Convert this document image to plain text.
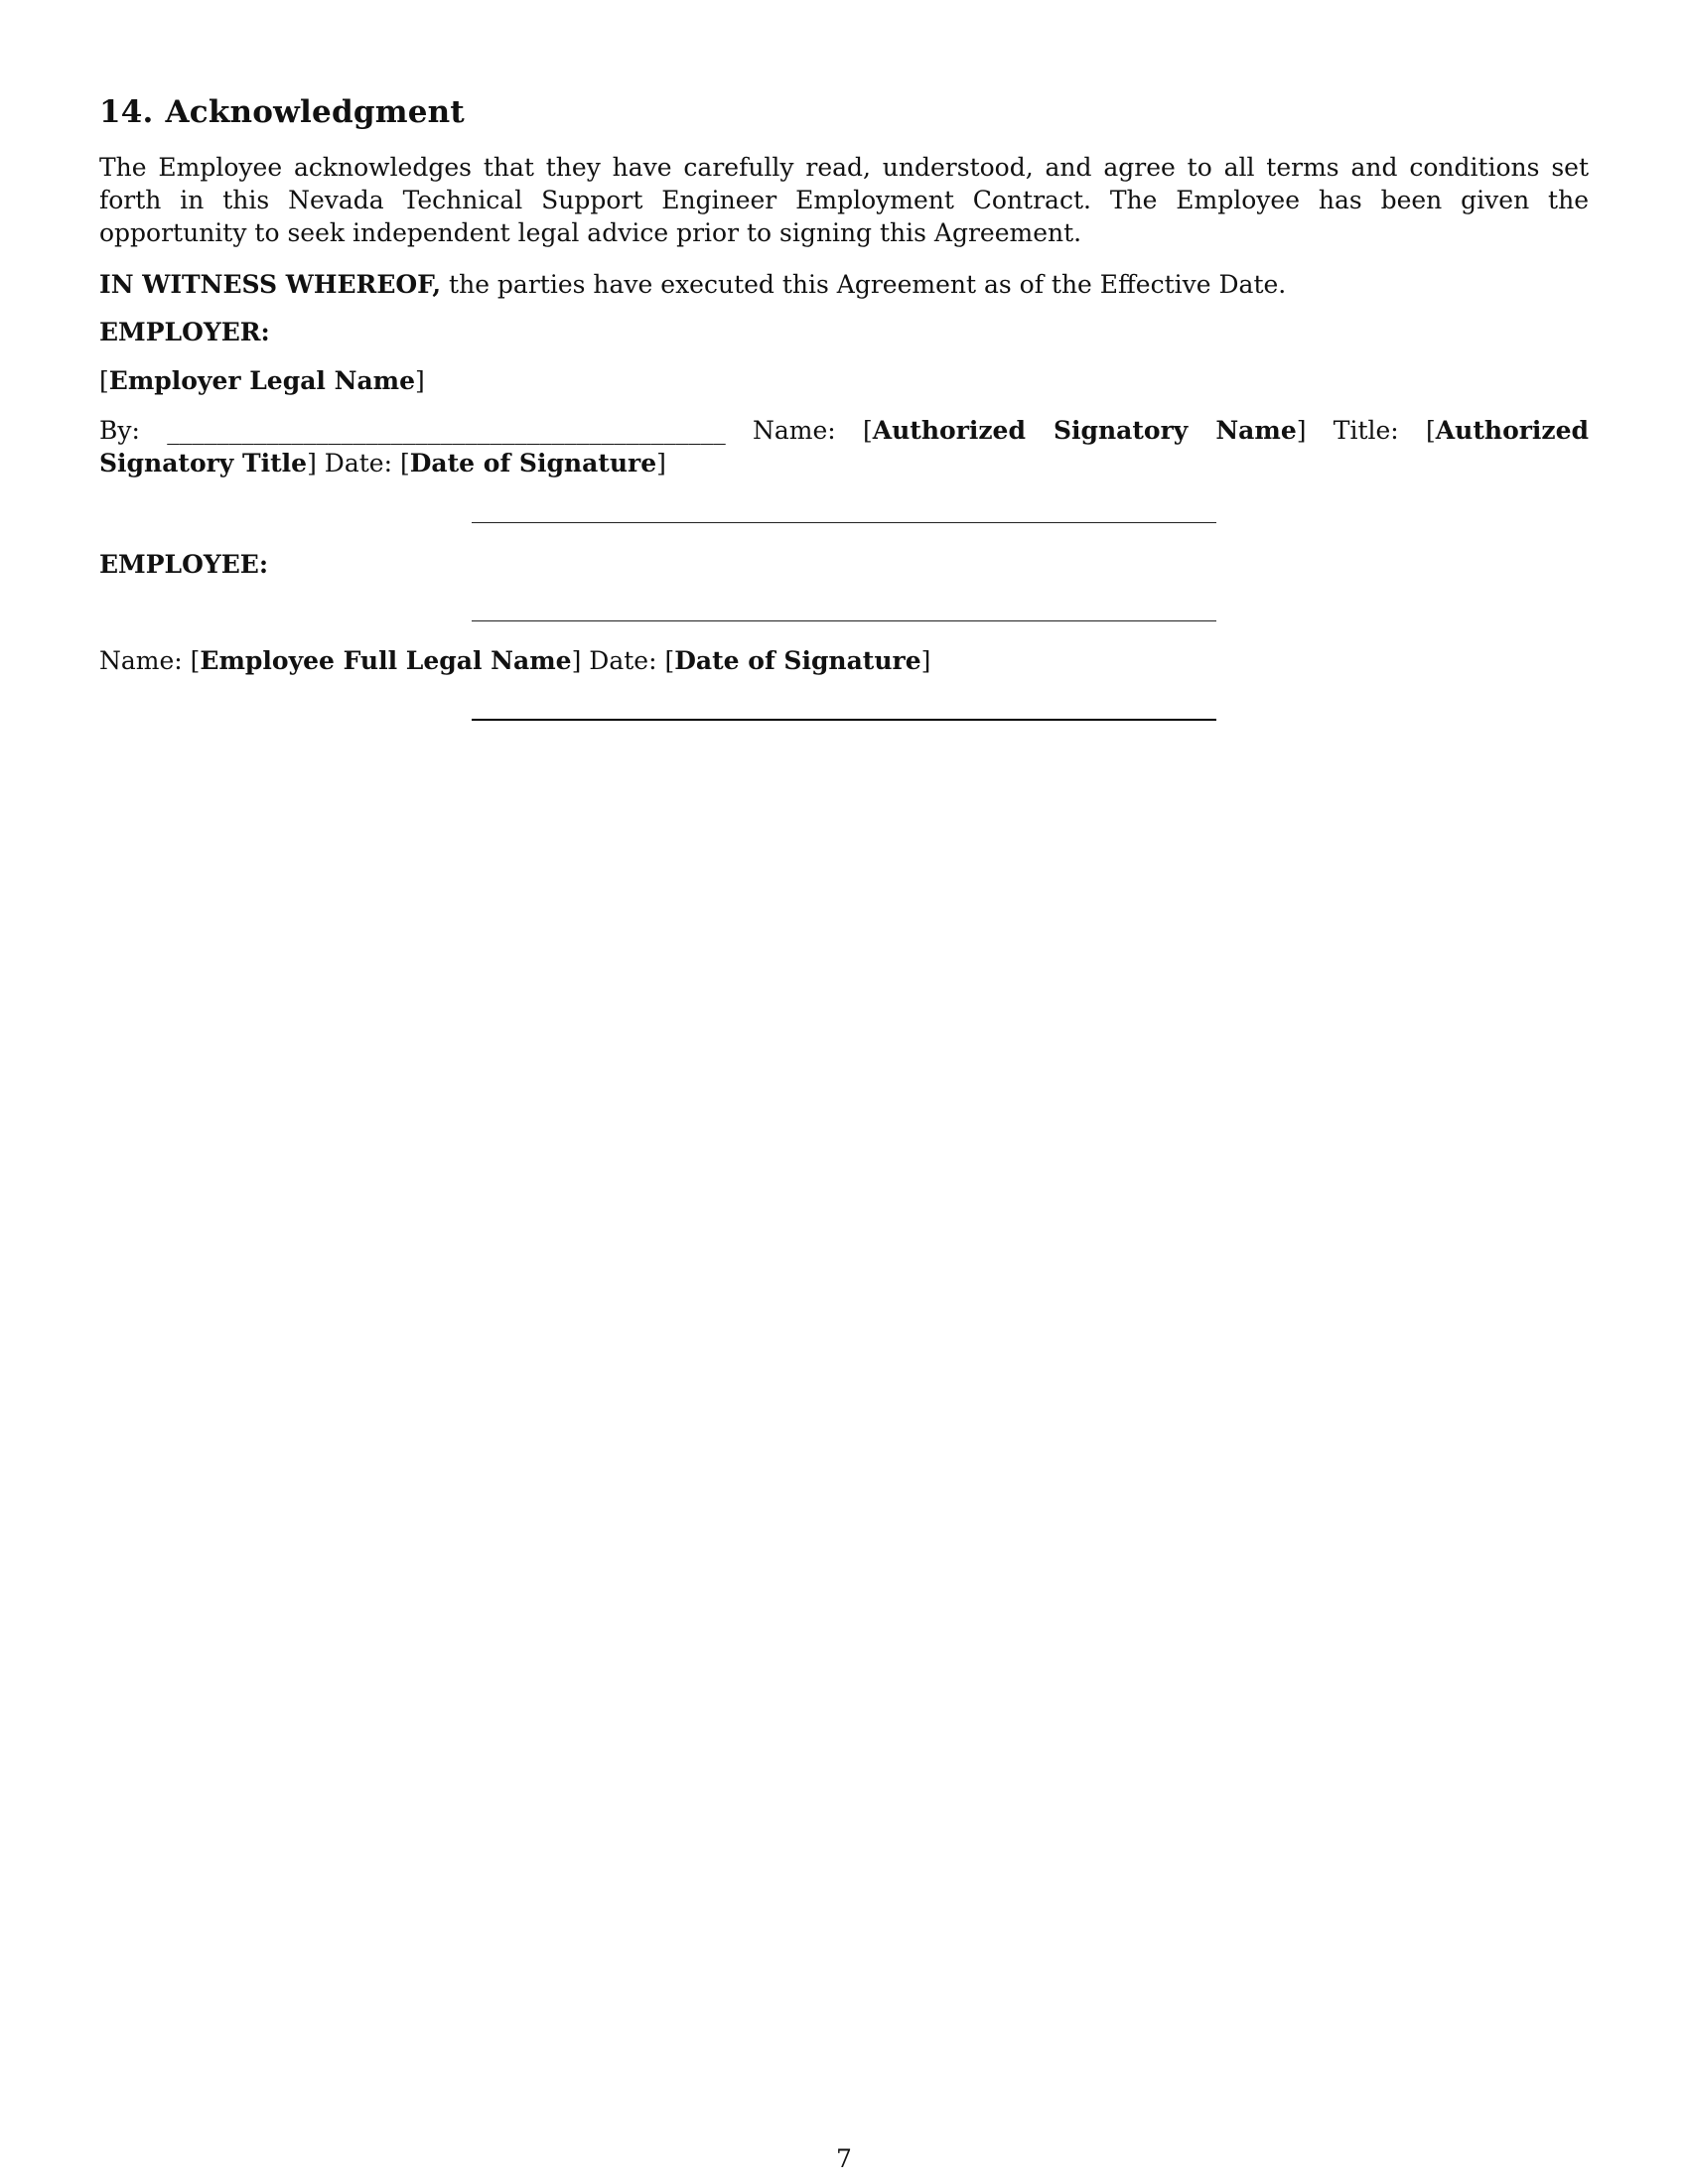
14. Acknowledgment

The Employee acknowledges that they have carefully read, understood, and agree to all terms and conditions set forth in this Nevada Technical Support Engineer Employment Contract. The Employee has been given the opportunity to seek independent legal advice prior to signing this Agreement.

IN WITNESS WHEREOF, the parties have executed this Agreement as of the Effective Date.

EMPLOYER:

[Employer Legal Name]

By: _____________________________________________ Name: [Authorized Signatory Name] Title: [Authorized Signatory Title] Date: [Date of Signature]

EMPLOYEE:

Name: [Employee Full Legal Name] Date: [Date of Signature]

7
